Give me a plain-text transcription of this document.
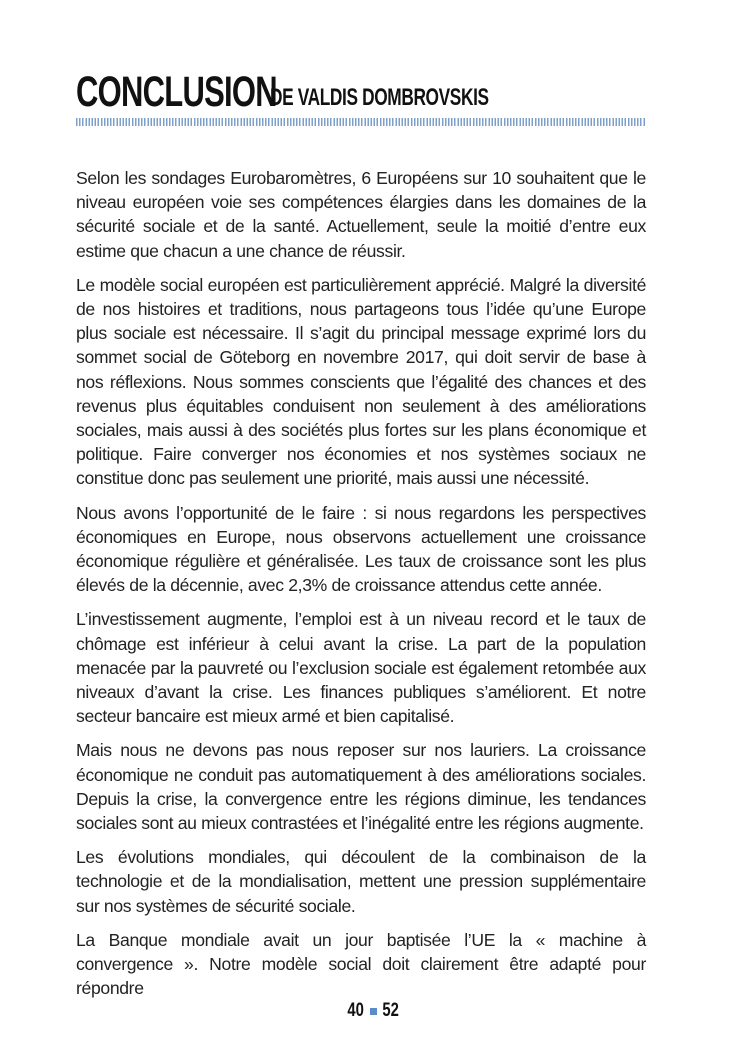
CONCLUSION
DE VALDIS DOMBROVSKIS

Selon les sondages Eurobaromètres, 6 Européens sur 10 souhaitent que le niveau européen voie ses compétences élargies dans les domaines de la sécurité sociale et de la santé. Actuellement, seule la moitié d’entre eux estime que chacun a une chance de réussir.

Le modèle social européen est particulièrement apprécié. Malgré la diversité de nos histoires et traditions, nous partageons tous l’idée qu’une Europe plus sociale est nécessaire. Il s’agit du principal message exprimé lors du sommet social de Göteborg en novembre 2017, qui doit servir de base à nos réflexions. Nous sommes conscients que l’égalité des chances et des revenus plus équitables conduisent non seulement à des améliorations sociales, mais aussi à des sociétés plus fortes sur les plans économique et politique. Faire converger nos économies et nos systèmes sociaux ne constitue donc pas seulement une priorité, mais aussi une nécessité.

Nous avons l’opportunité de le faire : si nous regardons les perspectives économiques en Europe, nous observons actuellement une croissance économique régulière et généralisée. Les taux de croissance sont les plus élevés de la décennie, avec 2,3% de croissance attendus cette année.

L’investissement augmente, l’emploi est à un niveau record et le taux de chômage est inférieur à celui avant la crise. La part de la population menacée par la pauvreté ou l’exclusion sociale est également retombée aux niveaux d’avant la crise. Les finances publiques s’améliorent. Et notre secteur bancaire est mieux armé et bien capitalisé.

Mais nous ne devons pas nous reposer sur nos lauriers. La croissance économique ne conduit pas automatiquement à des améliorations sociales. Depuis la crise, la convergence entre les régions diminue, les tendances sociales sont au mieux contrastées et l’inégalité entre les régions augmente.

Les évolutions mondiales, qui découlent de la combinaison de la technologie et de la mondialisation, mettent une pression supplémentaire sur nos systèmes de sécurité sociale.

La Banque mondiale avait un jour baptisée l’UE la « machine à convergence ». Notre modèle social doit clairement être adapté pour répondre

40 52
